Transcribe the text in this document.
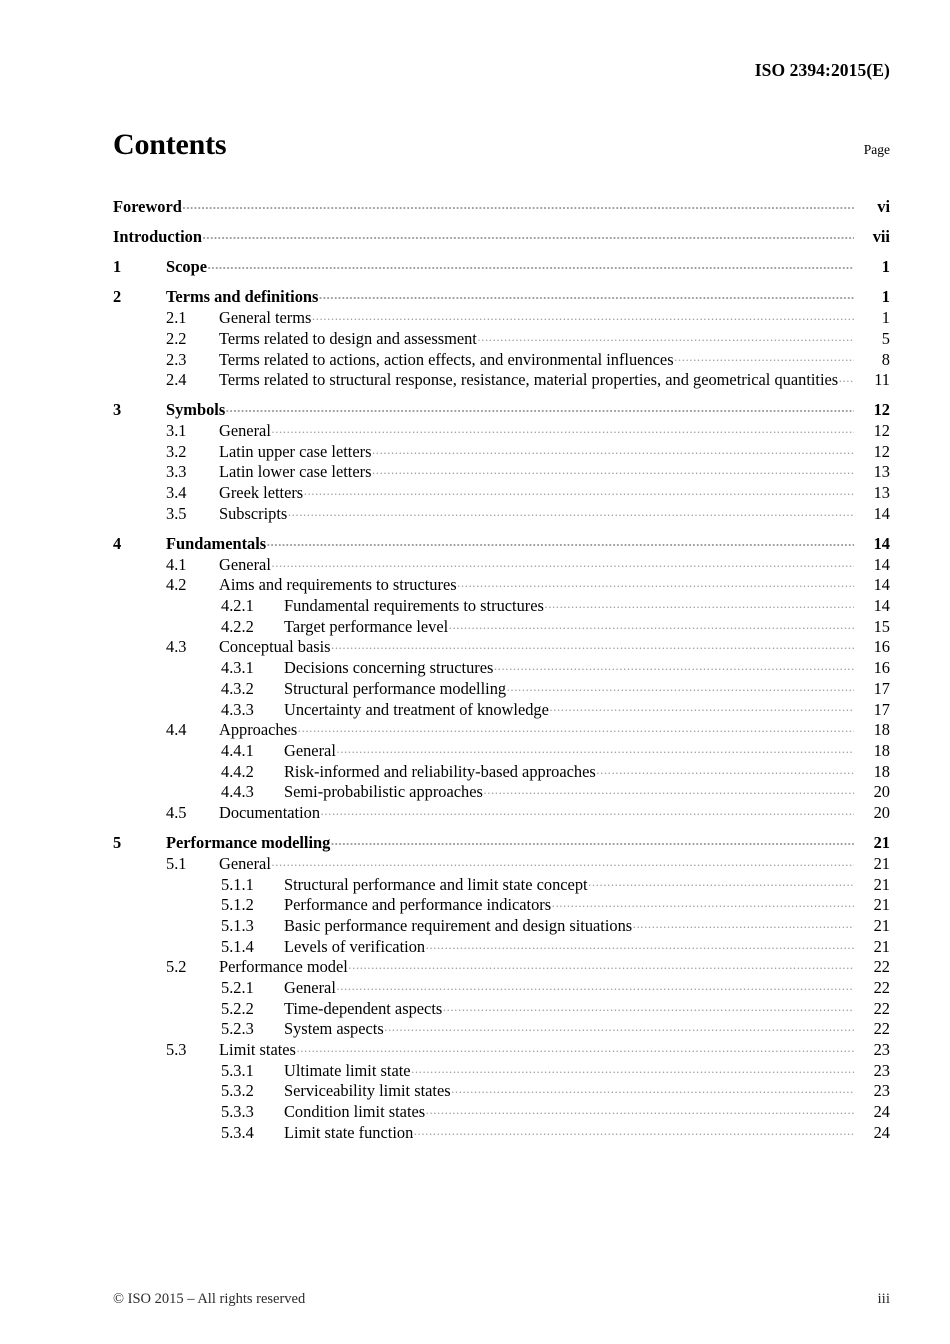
ISO 2394:2015(E)
Contents	Page
Foreword .....	vi
Introduction .....	vii
1	Scope .....	1
2	Terms and definitions .....	1
2.1	General terms .....	1
2.2	Terms related to design and assessment .....	5
2.3	Terms related to actions, action effects, and environmental influences .....	8
2.4	Terms related to structural response, resistance, material properties, and geometrical quantities .....	11
3	Symbols .....	12
3.1	General .....	12
3.2	Latin upper case letters .....	12
3.3	Latin lower case letters .....	13
3.4	Greek letters .....	13
3.5	Subscripts .....	14
4	Fundamentals .....	14
4.1	General .....	14
4.2	Aims and requirements to structures .....	14
4.2.1	Fundamental requirements to structures .....	14
4.2.2	Target performance level .....	15
4.3	Conceptual basis .....	16
4.3.1	Decisions concerning structures .....	16
4.3.2	Structural performance modelling .....	17
4.3.3	Uncertainty and treatment of knowledge .....	17
4.4	Approaches .....	18
4.4.1	General .....	18
4.4.2	Risk-informed and reliability-based approaches .....	18
4.4.3	Semi-probabilistic approaches .....	20
4.5	Documentation .....	20
5	Performance modelling .....	21
5.1	General .....	21
5.1.1	Structural performance and limit state concept .....	21
5.1.2	Performance and performance indicators .....	21
5.1.3	Basic performance requirement and design situations .....	21
5.1.4	Levels of verification .....	21
5.2	Performance model .....	22
5.2.1	General .....	22
5.2.2	Time-dependent aspects .....	22
5.2.3	System aspects .....	22
5.3	Limit states .....	23
5.3.1	Ultimate limit state .....	23
5.3.2	Serviceability limit states .....	23
5.3.3	Condition limit states .....	24
5.3.4	Limit state function .....	24
© ISO 2015 – All rights reserved	iii
